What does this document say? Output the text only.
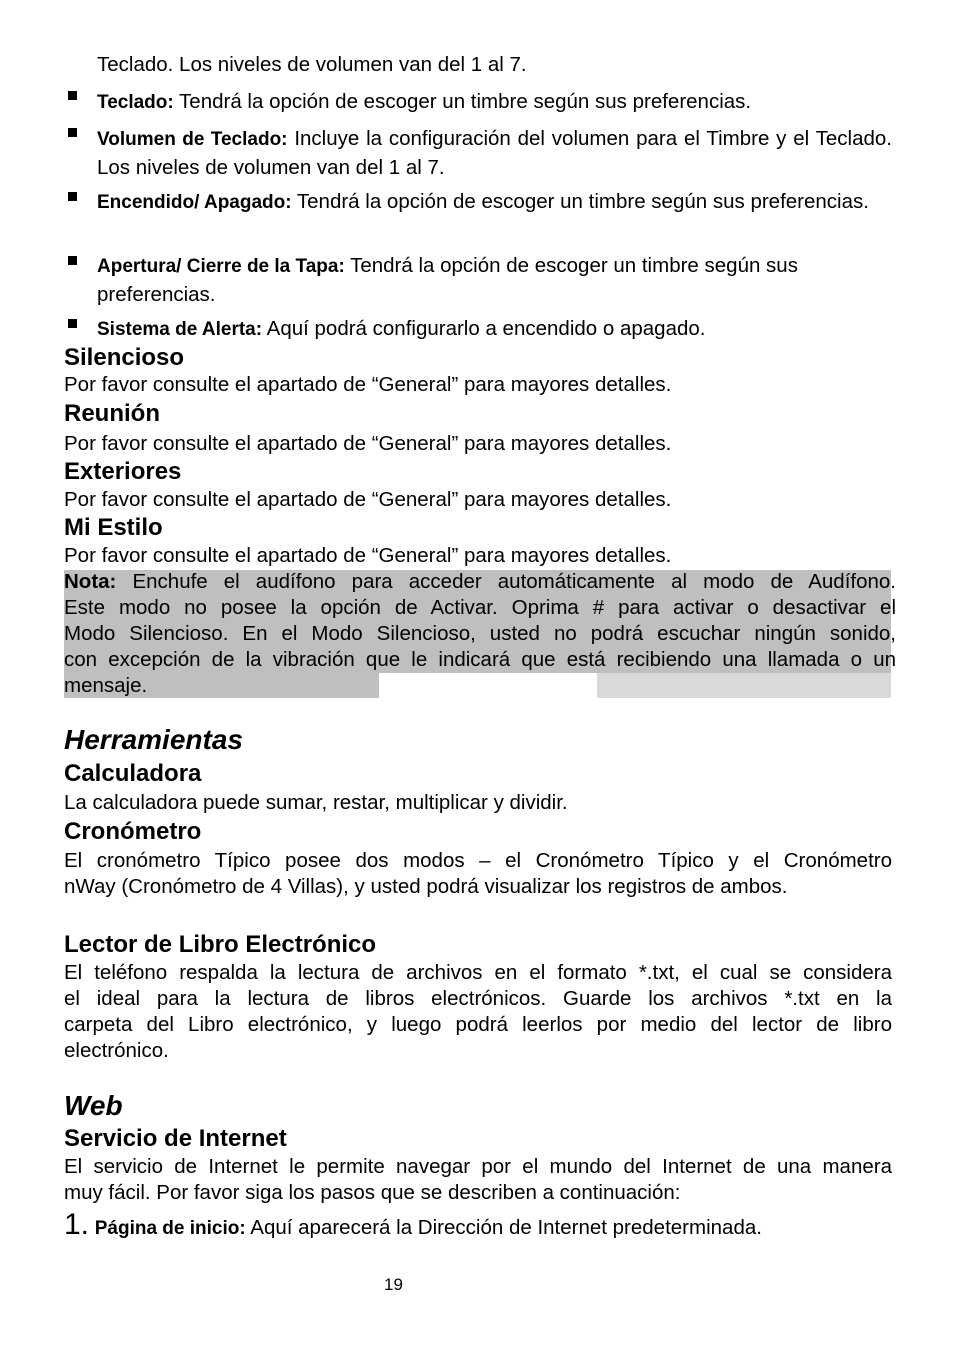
Teclado. Los niveles de volumen van del 1 al 7.
Teclado: Tendrá la opción de escoger un timbre según sus preferencias.
Volumen de Teclado: Incluye la configuración del volumen para el Timbre y el Teclado. Los niveles de volumen van del 1 al 7.
Encendido/ Apagado: Tendrá la opción de escoger un timbre según sus preferencias.
Apertura/ Cierre de la Tapa: Tendrá la opción de escoger un timbre según sus preferencias.
Sistema de Alerta: Aquí podrá configurarlo a encendido o apagado.
Silencioso
Por favor consulte el apartado de “General” para mayores detalles.
Reunión
Por favor consulte el apartado de “General” para mayores detalles.
Exteriores
Por favor consulte el apartado de “General” para mayores detalles.
Mi Estilo
Por favor consulte el apartado de “General” para mayores detalles.
Nota: Enchufe el audífono para acceder automáticamente al modo de Audífono.
Este modo no posee la opción de Activar. Oprima # para activar o desactivar el
Modo Silencioso. En el Modo Silencioso, usted no podrá escuchar ningún sonido,
con excepción de la vibración que le indicará que está recibiendo una llamada o un
mensaje.
Herramientas
Calculadora
La calculadora puede sumar, restar, multiplicar y dividir.
Cronómetro
El cronómetro Típico posee dos modos – el Cronómetro Típico y el Cronómetro
nWay (Cronómetro de 4 Villas), y usted podrá visualizar los registros de ambos.
Lector de Libro Electrónico
El teléfono respalda la lectura de archivos en el formato *.txt, el cual se considera
el ideal para la lectura de libros electrónicos. Guarde los archivos *.txt en la
carpeta del Libro electrónico, y luego podrá leerlos por medio del lector de libro
electrónico.
Web
Servicio de Internet
El servicio de Internet le permite navegar por el mundo del Internet de una manera
muy fácil. Por favor siga los pasos que se describen a continuación:
1. Página de inicio: Aquí aparecerá la Dirección de Internet predeterminada.
19
